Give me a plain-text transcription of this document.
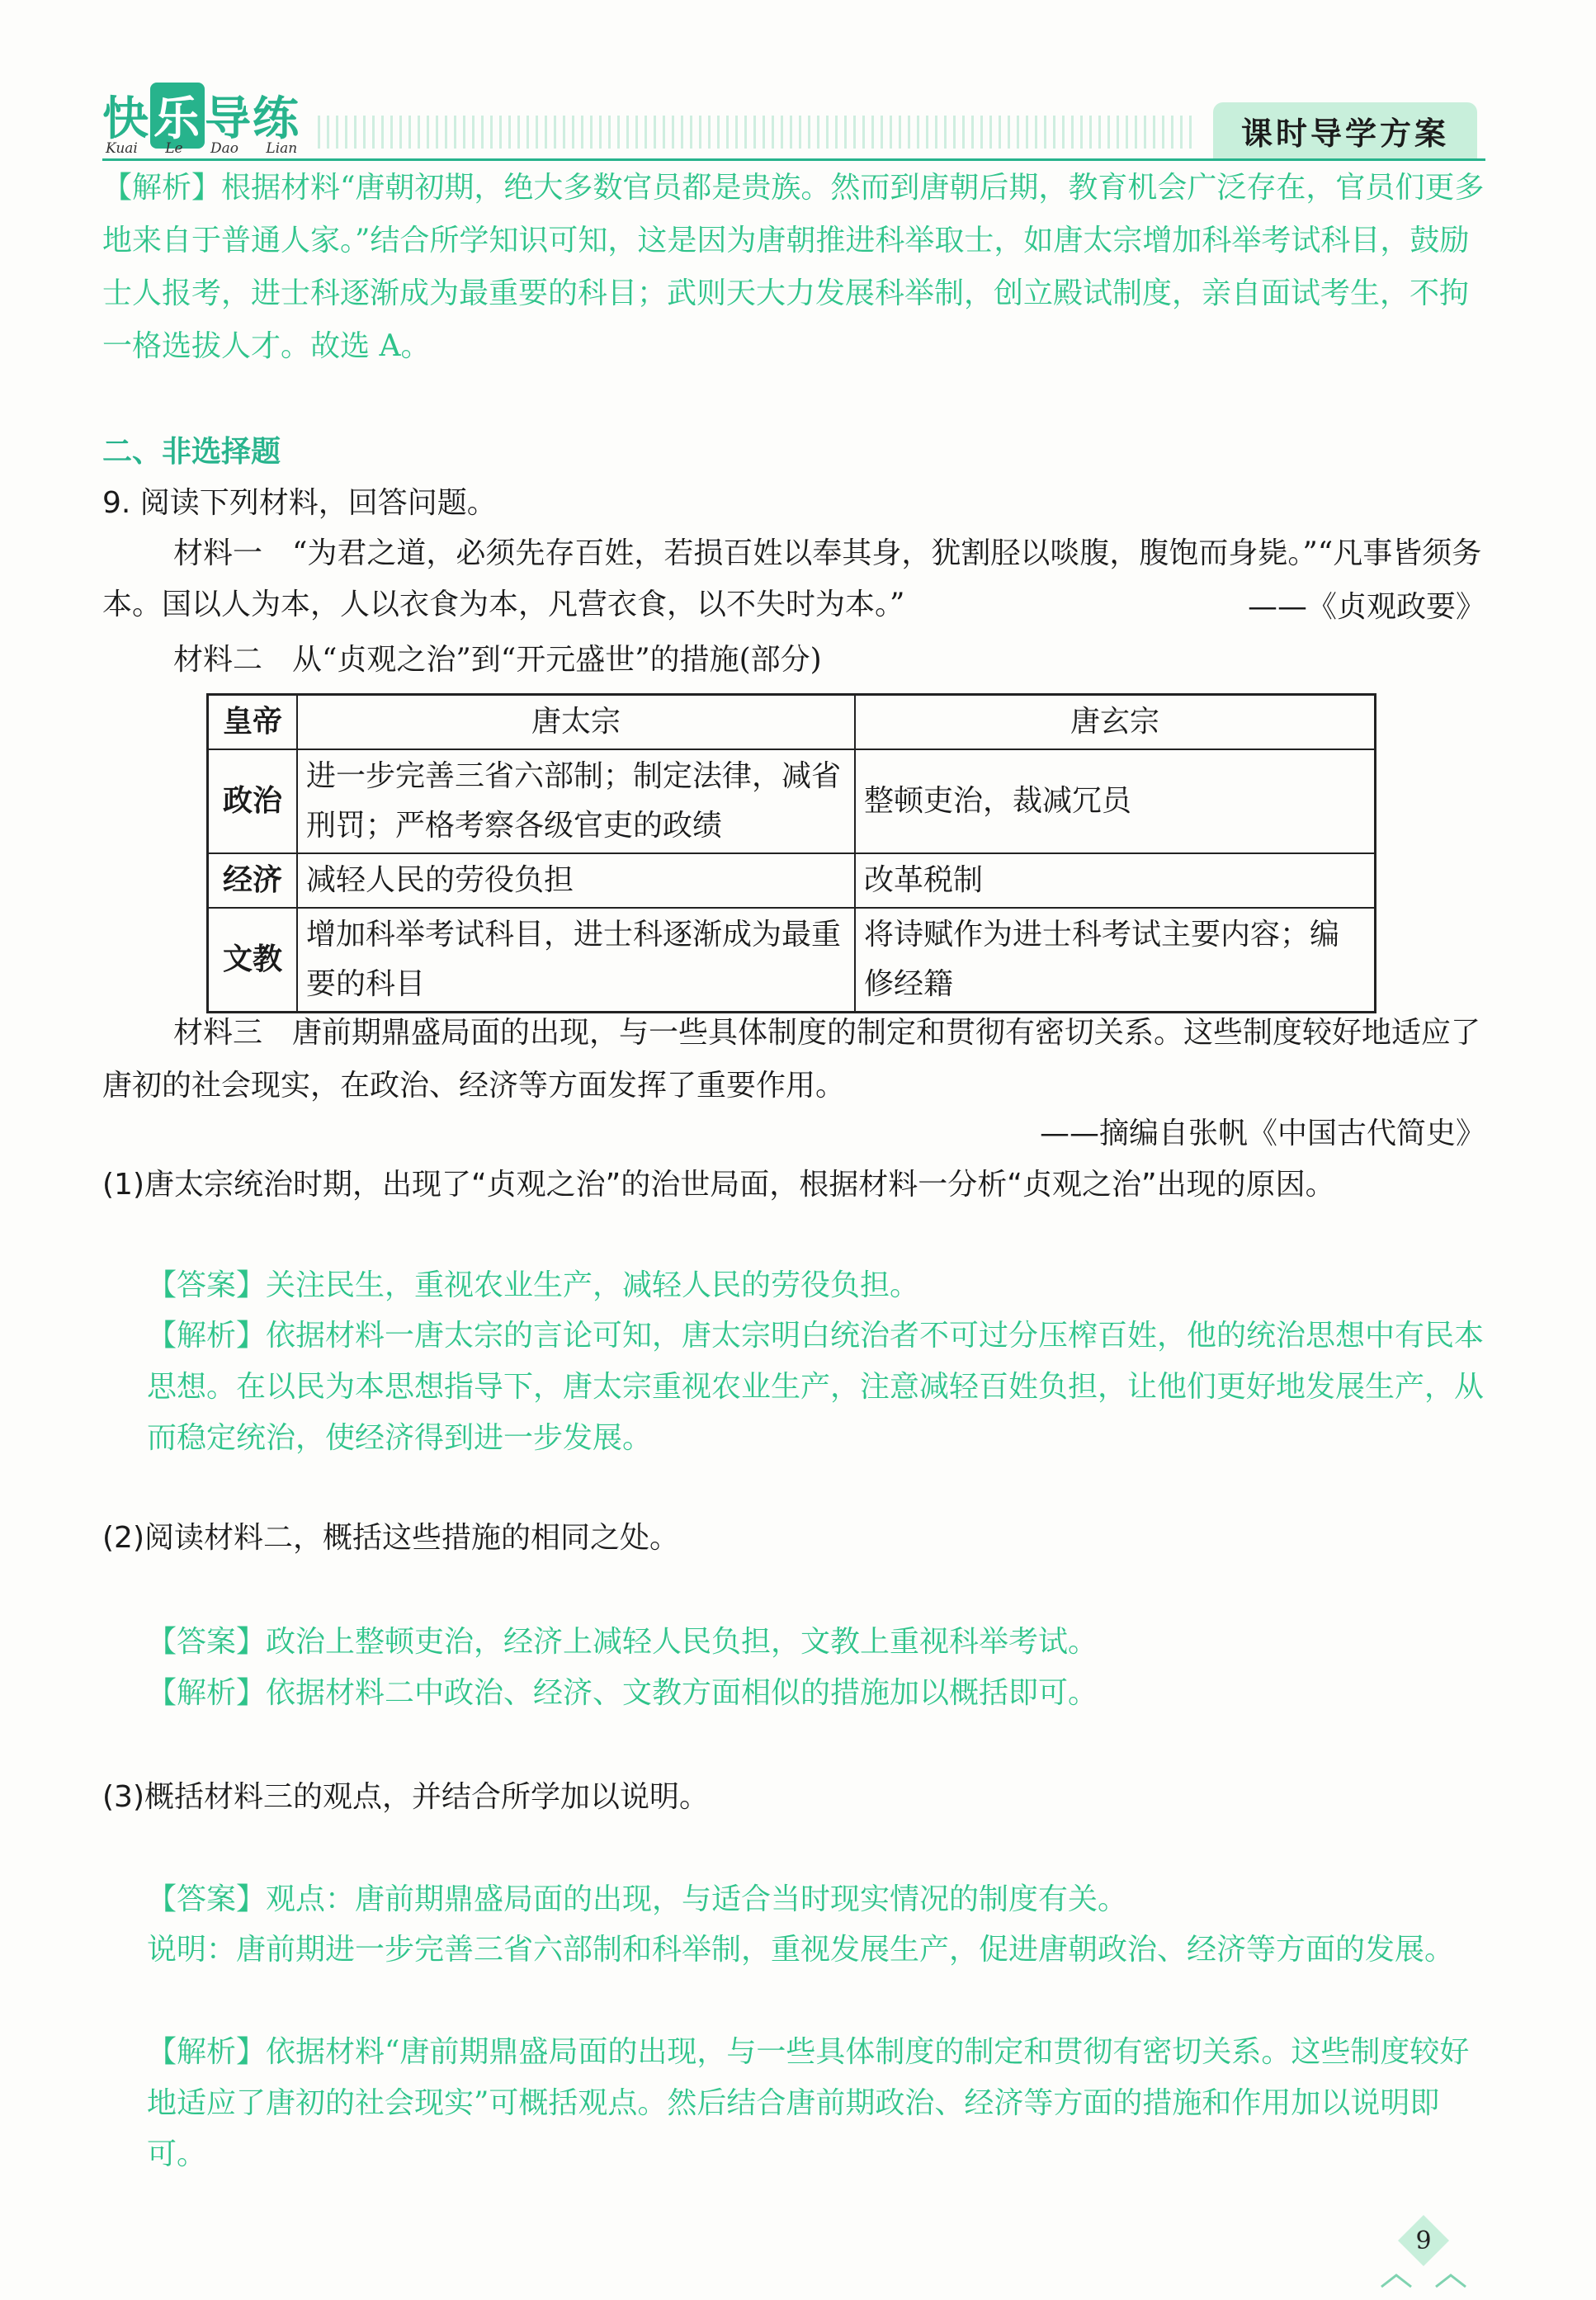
快乐导练
Kuai Le Dao Lian	课时导学方案

【解析】根据材料“唐朝初期，绝大多数官员都是贵族。然而到唐朝后期，教育机会广泛存在，官员们更多地来自于普通人家。”结合所学知识可知，这是因为唐朝推进科举取士，如唐太宗增加科举考试科目，鼓励士人报考，进士科逐渐成为最重要的科目；武则天大力发展科举制，创立殿试制度，亲自面试考生，不拘一格选拔人才。故选 A。

二、非选择题

9. 阅读下列材料，回答问题。

材料一　“为君之道，必须先存百姓，若损百姓以奉其身，犹割胫以啖腹，腹饱而身毙。”“凡事皆须务本。国以人为本，人以衣食为本，凡营衣食，以不失时为本。”	——《贞观政要》

材料二　从“贞观之治”到“开元盛世”的措施(部分)

皇帝	唐太宗	唐玄宗
政治	进一步完善三省六部制；制定法律，减省刑罚；严格考察各级官吏的政绩	整顿吏治，裁减冗员
经济	减轻人民的劳役负担	改革税制
文教	增加科举考试科目，进士科逐渐成为最重要的科目	将诗赋作为进士科考试主要内容；编修经籍

材料三　唐前期鼎盛局面的出现，与一些具体制度的制定和贯彻有密切关系。这些制度较好地适应了唐初的社会现实，在政治、经济等方面发挥了重要作用。

——摘编自张帆《中国古代简史》

(1)唐太宗统治时期，出现了“贞观之治”的治世局面，根据材料一分析“贞观之治”出现的原因。

【答案】关注民生，重视农业生产，减轻人民的劳役负担。

【解析】依据材料一唐太宗的言论可知，唐太宗明白统治者不可过分压榨百姓，他的统治思想中有民本思想。在以民为本思想指导下，唐太宗重视农业生产，注意减轻百姓负担，让他们更好地发展生产，从而稳定统治，使经济得到进一步发展。

(2)阅读材料二，概括这些措施的相同之处。

【答案】政治上整顿吏治，经济上减轻人民负担，文教上重视科举考试。

【解析】依据材料二中政治、经济、文教方面相似的措施加以概括即可。

(3)概括材料三的观点，并结合所学加以说明。

【答案】观点：唐前期鼎盛局面的出现，与适合当时现实情况的制度有关。

说明：唐前期进一步完善三省六部制和科举制，重视发展生产，促进唐朝政治、经济等方面的发展。

【解析】依据材料“唐前期鼎盛局面的出现，与一些具体制度的制定和贯彻有密切关系。这些制度较好地适应了唐初的社会现实”可概括观点。然后结合唐前期政治、经济等方面的措施和作用加以说明即可。

9
